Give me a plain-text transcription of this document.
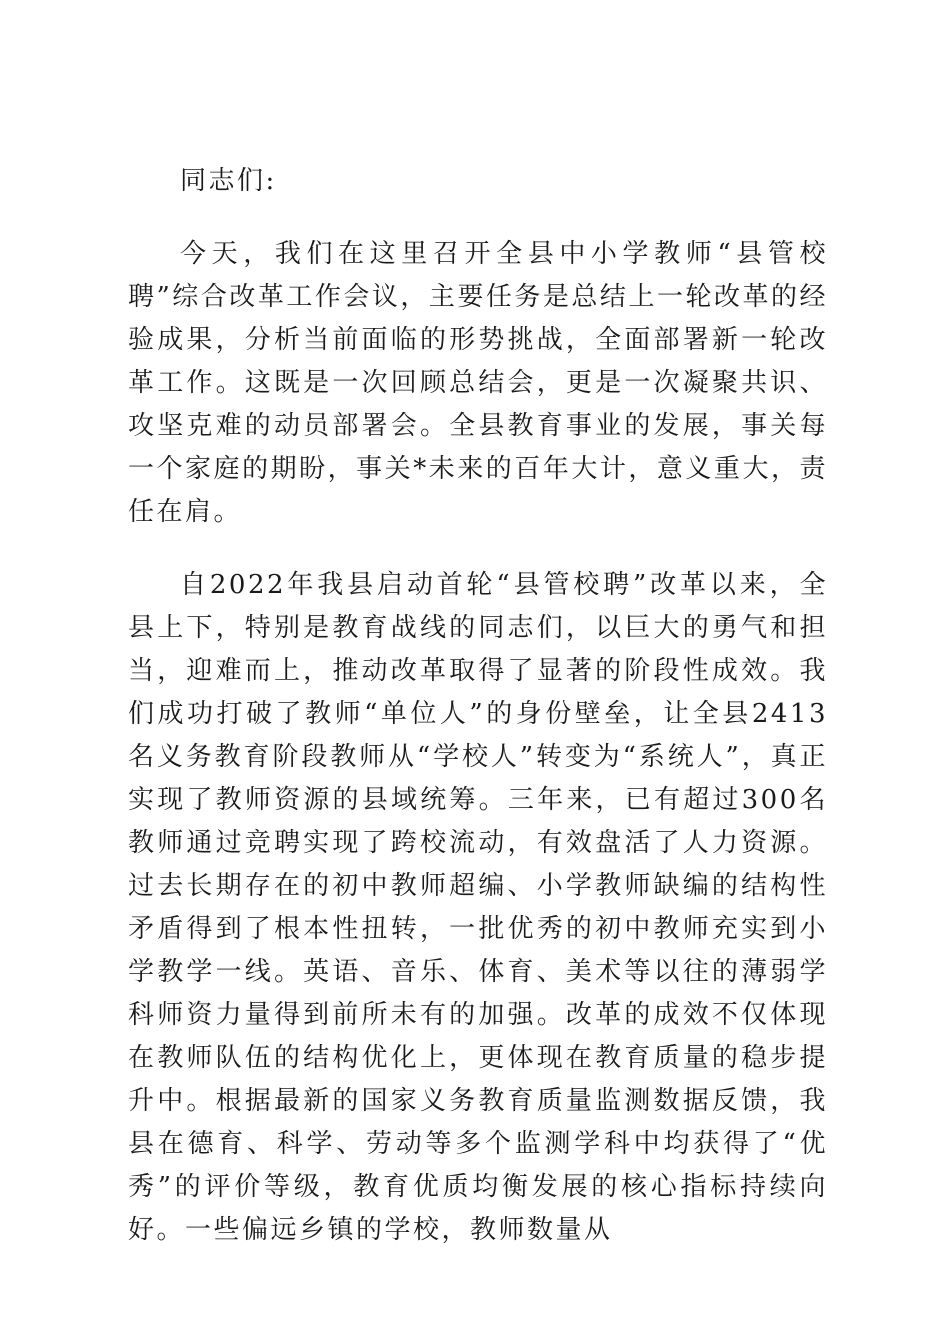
同志们:

今天，我们在这里召开全县中小学教师“县管校聘”综合改革工作会议，主要任务是总结上一轮改革的经验成果，分析当前面临的形势挑战，全面部署新一轮改革工作。这既是一次回顾总结会，更是一次凝聚共识、攻坚克难的动员部署会。全县教育事业的发展，事关每一个家庭的期盼，事关*未来的百年大计，意义重大，责任在肩。

自2022年我县启动首轮“县管校聘”改革以来，全县上下，特别是教育战线的同志们，以巨大的勇气和担当，迎难而上，推动改革取得了显著的阶段性成效。我们成功打破了教师“单位人”的身份壁垒，让全县2413名义务教育阶段教师从“学校人”转变为“系统人”，真正实现了教师资源的县域统筹。三年来，已有超过300名教师通过竞聘实现了跨校流动，有效盘活了人力资源。过去长期存在的初中教师超编、小学教师缺编的结构性矛盾得到了根本性扭转，一批优秀的初中教师充实到小学教学一线。英语、音乐、体育、美术等以往的薄弱学科师资力量得到前所未有的加强。改革的成效不仅体现在教师队伍的结构优化上，更体现在教育质量的稳步提升中。根据最新的国家义务教育质量监测数据反馈，我县在德育、科学、劳动等多个监测学科中均获得了“优秀”的评价等级，教育优质均衡发展的核心指标持续向好。一些偏远乡镇的学校，教师数量从
